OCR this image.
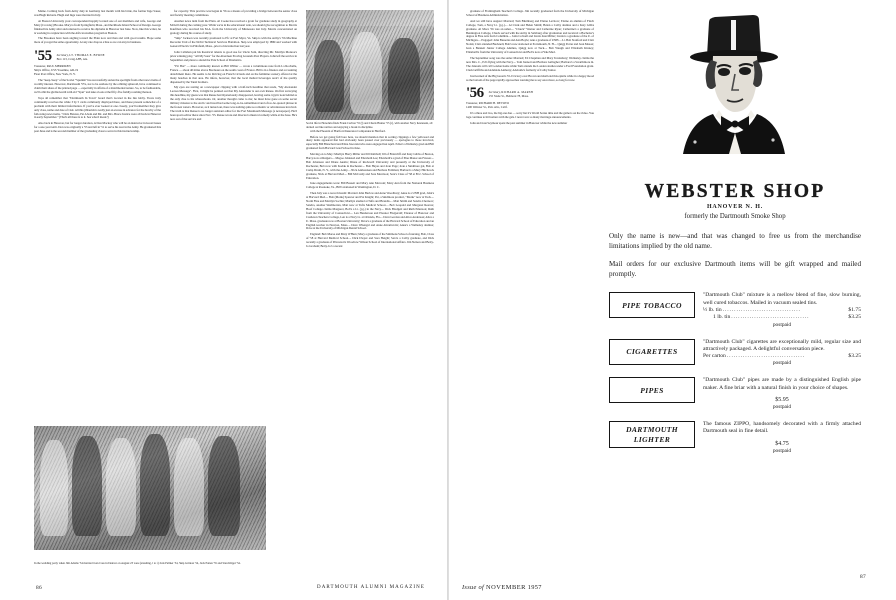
Maine. Coming back from Army duty in Germany last month with his bride, the former Inge Sauer, was Hugh Roberts. Hugh and Inge were married in July.

At Boston University your correspondent happily located one of our members and wife, George and Mary (Crowley) Brooks. Mary is from Springfield, Mass., and the Rhode Island School of Design. George finished his Army stint and returned to receive his diploma in Hanover last June. Now, like this writer, he is working in conjunction with the African studies program at Boston.

The Brookses have been angling toward the Plain now and then and with good results. Hope some more of you get the same opportunity. At any rate drop us a line so we can stay in business.

'55 Secretary, LT. THOMAS E. BYRNE
Box 113, Craig AFB, Ala.
Treasurer, PAUL MERRIKEN
Ship's Office, USS Yosemite, AD-19
Fleet Post Office, New York, N. Y.

The "keep-Seep" of the Soviet "Sputnik" has successfully stolen the spotlight from other news items of worldly interest. However, Dartmouth '55's, not to be outdone by the orbiting spheroid, have continued to claim their share of the printed page — especially in affairs of a matrimonial nature. So, to be fashionable, we'll orbit the girdled earth with old "Sput" and take a look at the fifty-five family roaming thereon.

Tops all remember that "Dartmouth In Town" board that's located in the Inn lobby. Yours truly continually receives the white 3 by 5 cards commonly displayed there, and these present somewhat of a problem with their limited information. If you've ever looked at one closely, you'll remember they give only class, name and date of visit. All this jibberish is really just an excuse in advance for the brevity of the following news items. "Chris Buxton, Pat Alwin and Mr. and Mrs. Bruce Justice were all back in Hanover in early September." (That's all there is to it. See what I mean?)

Also back in Hanover, but for longer duration, is Don Mackay who will be an instructor in Great Issues for a one-year term. Don was originally a '53 and left in '51 to serve his tour in the Army. He graduated this past June and is the second member of the graduating class to serve in this instructorship.

for capacity. This practice was begun in '56 as a means of providing a bridge between the senior class and faculty meeting committees.

Another news item from the Plain. Al Cooke has received a grant for graduate study in geography at McGill during the coming year. While we're in the educational vein, we should give recognition to Morris Kaufman who received his M.A. from the University of Minnesota last July. Morris concentrated on geology during his course of study.

"Skip" Jackson was recently promoted to Pfc at Fort Myer, Va. Skip is with the Army's 7th Machine Recorder Unit of the 943rd Technical Services Battalion. Skip was employed by IBM and worked with General Electric in Pittsfield, Mass., prior to his induction last year.

John Callahan put his theatrical talents to good use for Uncle Sam, directing Mr. Marilyn Monroe's prize winning play, "All My Sons" for the Aberdeen Proving Grounds Post Players. John left the service in September and plans to attend the Yale School of Dramatics.

"Pic Bur" — more commonly known as Bill Wilbur — wrote a voluminous note from La Rochelle, France — about 40 miles above Bordeaux on the south coast of France. Bill is in a finance and accounting detachment there. He seems to be thriving on French victuals and on the feminine scenery offered at the many beaches in that area. He infers, however, that the local malted beverages aren't of the quality dispensed by the Tanzi brothers.

My eyes are resting on a newspaper clipping with a half-inch headline that reads, "My Alexander Leaves Message". First, it might be pointed out that My Alexander is our own Renee. On first surveying this headline, my guess was that Renee had mysteriously disappeared, leaving some cryptic note behind as the only clue to his whereabouts. Or, another thought came to me; he must have gone on some secret military mission to the Arctic and inscribed some long-to-be-remembered and oft-to-be-quoted phrase in the frozen waters. However, as it turned out, there was nothing quite so romantic or adventurous involved. The truth is that Renee is no longer assistant editor for the Fort Monmouth Message (a newspaper). He'd been sports editor there since Nov. '55. Renee wrote and directed a musical comedy while at the base. He's now out of the service and

Social life in Honolulu finds Frank Carlton '55 (l) and Chuck Hunter '55 (r), with another Navy lieutenant, all decked out like natives and enjoying a break in discipline.

with the Phoenix of Hartford Insurance Companies in Hartford.

Before we get going full bore here, we should mention that in sorting clippings a few yellowed and dusty items appeared that had obviously been passed over previously — apologies to those involved, especially Bill Blanchard and Edna Jaworski who were engaged last April. Edna's a Wellesley grad and Bill graduated from Harvard Grad School in June.

Moving on to May: Marilyn Harry Millar and Jill Kimball; Jill of Briarcliff and Katy Gibbs of Boston, Harry now at Rutgers.... Magoo Johnsted and Elizabeth Lee; Elizabeth's a grad of Pine Manor and Vassar.... Bob Johanson and Diane Austin; Diane of Rockwell University and presently at the University of Rochester, Bob now with Kodak in Rochester.... Bob Hayes and Joan Page; Joan a Skidmore gal, Bob at Camp Drum, N. Y., with the Army.... Nick Anthonisen and Barbara Feldman; Barbara's a Mary Hitchcock graduate, Nick at Harvard Med.... Bill McCurdy and Sara Morrison; Sara's Class of '58 at B.U. School of Education.

June engagements were: Bill Bassett and Mary Ann Marconi; Mary Ann from the National Business College at Roanoke, Va., Bill's stationed in Washington, D. C.

Then July was a record month: Marriott John Barlow and Anne Woodbury; Anne is a UNH grad, John's at Harvard Med.... Bob (Monk) Spencer and Pat Knight; Pat, a Skidmore product, "Monk" now at Tuck.... Norm Fine and Marilyn Sochin; Marilyn studied at Tufts and Brandis.... Matt Smith and Sandra Chernow; Sandra, another Skidmorian, Matt now at Tufts Medical School.... Bob Leopold and Margaret Reeves; Hoof College claims Margaret, Bob's a Lt. (j.g.) in the Navy.... Dick Blodgett and Ruth Emerson; Ruth from the University of Connecticut.... Len Henderson and Eleanor Fitzgerald; Eleanor of Hanover and Castleton Teachers College, Len is a Navy Lt. at Orlando, Fla.... Dave Gordon and Alice Anderson; Alice a U. Mass. graduate now at Boston University; Dave's a graduate of the Harvard School of Education and an English teacher in Newton, Mass.... Dave Witengal and Anne Abramovitz; Anne's a Wellesley alumna; Dave at the University of Michigan Dental School.

England: Bob Morse and Mary O'Hern; Mary a graduate of the Simmons School of nursing, Bob, Class of '58 at Harvard Medical School.... Dick Dwyer and Sara Height; Sara's a Colby graduate, and Dick recently a graduate of Princeton's Woodrow Wilson School of International Affairs. Jim Nelson and Betty-Jo Graham; Betty-Jo's a recent

In the wedding party when Jim Adams '54 married Joan Cass in Denver on August 23 were (standing, l to r) Jack Palmer '54, Skip Grinton '54, Jack Patten '55 and Stan Klippi '54.
86

graduate of Framingham Teacher's College. Jim recently graduated from the University of Michigan School of Business Administration.

And we still have August: Married; Tom Blumberg and Elaine Levitow; Elaine an alumna of Finch College, Tom, a Navy Lt. (j.g.).... Al Clark and Helen Smith; Helen a Colby alumna and a Katy Gibbs graduate. Al Maca '56 was an usher.... "Chuck" Warner and Catherine Ryan; Catherine's a graduate of Bennington College, Chuck served with the Army in Salzburg after graduation and received a Bachelor's degree in Fine Arts from Columbia.... John Colwell and Linda Jean Miller; Linda is a graduate of the U. of Michigan.... Engaged: John Bassette and Ann Boyle; Ann a graduate of UNH.... Lt. Bob Stanford and Clair Nolan; Clair attended Bucknell, Bob's now stationed at Portsmouth, N. H.... Quigg Porter and Jean Mason; Jean a Bennett Junior College Alumna, Quigg now at Tuck.... Bob Waugh and Elizabeth Kinney; Elizabeth's from the University of Connecticut and Bob's now at Yale Med.

The September song was the same: Married; Ed Chapman and Mary Tewksbury; Wellesley claims the new Mrs. C., Ed's flying with the Navy.... Tom Jannoti and Barbara Gallagher; Barbara's a Swarthmore m. The Jannotis will call London home while Tom attends the London studies under a Ford Foundation grant. Clark Griffiths and Adelaide Anthony; Adelaide's formerly of Colby Junior.

Just learned of the Big Green's 55-0 victory over Brown and shall end this epistle while in a happy mood as the bottom of the page rapidly approaches warning me to say once more, so long for now.

'56 Secretary, RICHARD A. MARSH
155 Slade St., Belmont 78, Mass.
Treasurer, RICHARD H. DEVOTO
1400 Webster St., Palo Alto, Calif.

It's a three and two, the big one due — sorry but it's World Series time and the game is on the video. You logs continue to hit homers with the gals. I never saw so many marriage announcements.

John and Joan Seymour spent the past summer in Hanover while the new summer

WEBSTER SHOP
HANOVER N. H.
formerly the Dartmouth Smoke Shop

Only the name is new—and that was changed to free us from the merchandise limitations implied by the old name.

Mail orders for our exclusive Dartmouth items will be gift wrapped and mailed promptly.

PIPE TOBACCO
"Dartmouth Club" mixture is a mellow blend of fine, slow burning, well cured tobaccos. Mailed in vacuum sealed tins.
½ lb. tin ..................................	$1.75
1 lb. tin ..................................	$3.25
postpaid
CIGARETTES
"Dartmouth Club" cigarettes are exceptionally mild, regular size and attractively packaged. A delightful conversation piece.
Per carton ..................................	$3.25
postpaid
PIPES
"Dartmouth Club" pipes are made by a distinguished English pipe maker. A fine briar with a natural finish in your choice of shapes.
$5.95
postpaid
DARTMOUTH LIGHTER
The famous ZIPPO, handsomely decorated with a firmly attached Dartmouth seal in fine detail.
$4.75
postpaid
87
DARTMOUTH ALUMNI MAGAZINE	Issue of NOVEMBER 1957
